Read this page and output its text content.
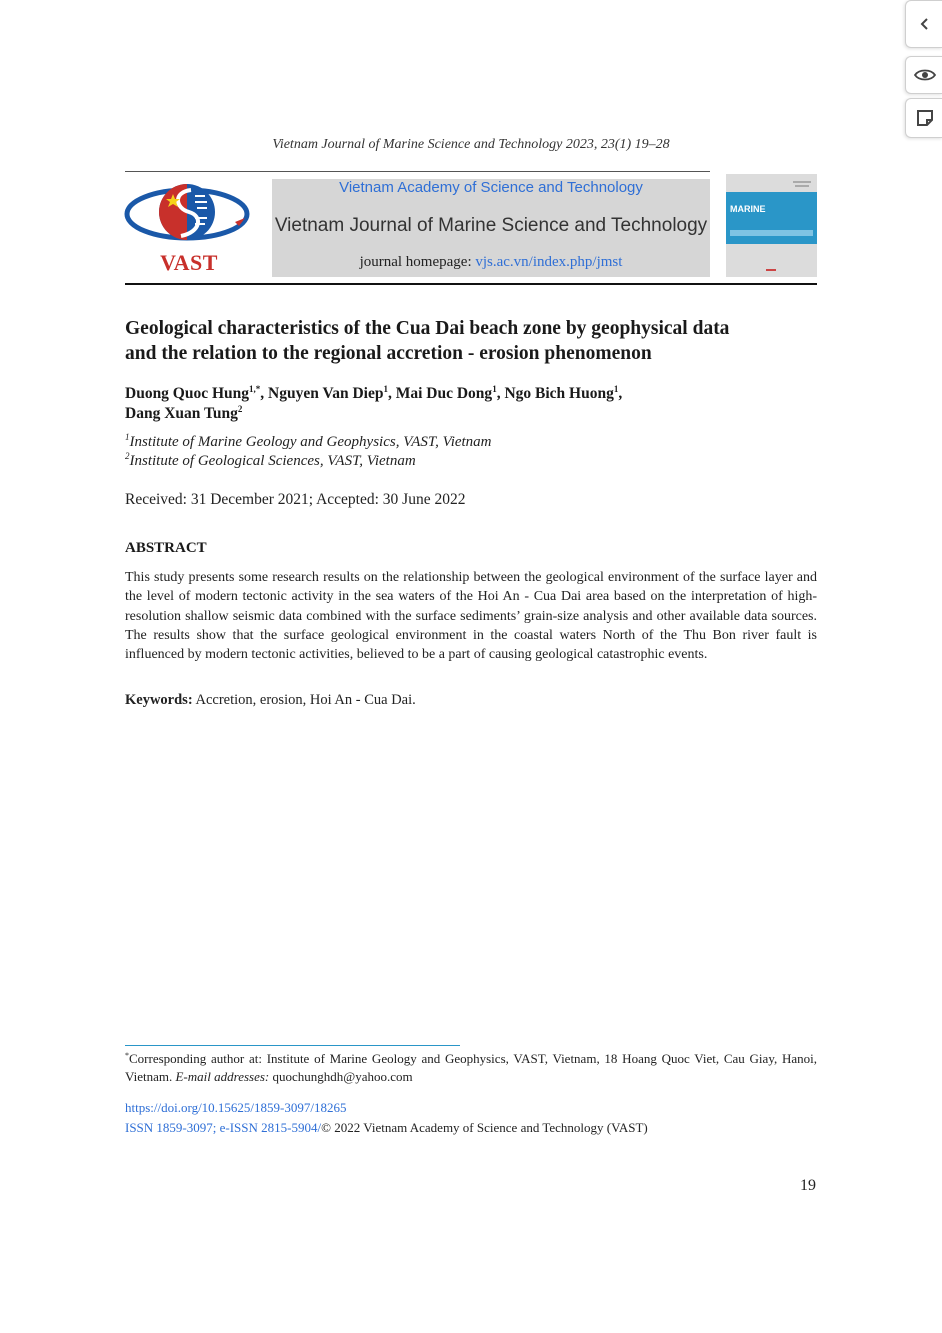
Vietnam Journal of Marine Science and Technology 2023, 23(1) 19–28
VAST
Vietnam Academy of Science and Technology
Vietnam Journal of Marine Science and Technology
journal homepage: vjs.ac.vn/index.php/jmst
MARINE
Geological characteristics of the Cua Dai beach zone by geophysical data
and the relation to the regional accretion - erosion phenomenon
Duong Quoc Hung$^{1,*}$, Nguyen Van Diep$^1$, Mai Duc Dong$^1$, Ngo Bich Huong$^1$,
Dang Xuan Tung$^2$
$^1$Institute of Marine Geology and Geophysics, VAST, Vietnam
$^2$Institute of Geological Sciences, VAST, Vietnam
Received: 31 December 2021; Accepted: 30 June 2022
ABSTRACT
This study presents some research results on the relationship between the geological environment of the surface layer and the level of modern tectonic activity in the sea waters of the Hoi An - Cua Dai area based on the interpretation of high-resolution shallow seismic data combined with the surface sediments’ grain-size analysis and other available data sources. The results show that the surface geological environment in the coastal waters North of the Thu Bon river fault is influenced by modern tectonic activities, believed to be a part of causing geological catastrophic events.
Keywords: Accretion, erosion, Hoi An - Cua Dai.
*Corresponding author at: Institute of Marine Geology and Geophysics, VAST, Vietnam, 18 Hoang Quoc Viet, Cau Giay, Hanoi, Vietnam. E-mail addresses: quochunghdh@yahoo.com
https://doi.org/10.15625/1859-3097/18265
ISSN 1859-3097; e-ISSN 2815-5904/© 2022 Vietnam Academy of Science and Technology (VAST)
19
